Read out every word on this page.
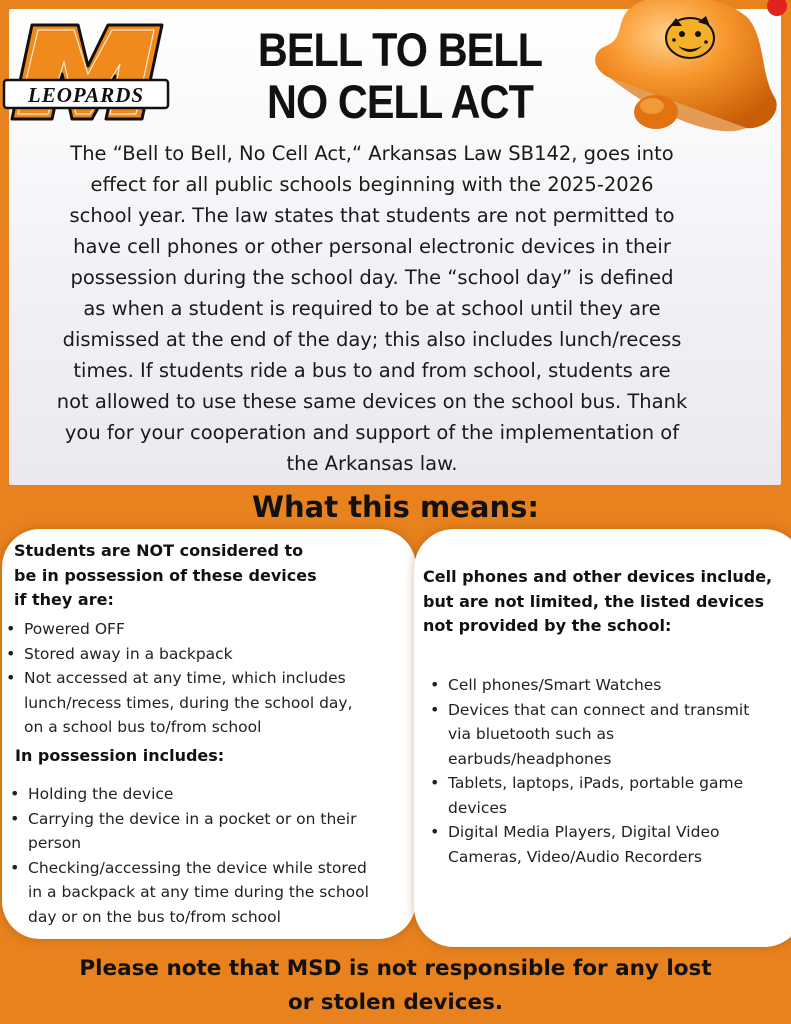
LEOPARDS
BELL TO BELL
NO CELL ACT
The “Bell to Bell, No Cell Act,“ Arkansas Law SB142, goes into
effect for all public schools beginning with the 2025-2026
school year. The law states that students are not permitted to
have cell phones or other personal electronic devices in their
possession during the school day. The “school day” is defined
as when a student is required to be at school until they are
dismissed at the end of the day; this also includes lunch/recess
times. If students ride a bus to and from school, students are
not allowed to use these same devices on the school bus. Thank
you for your cooperation and support of the implementation of
the Arkansas law.
What this means:
Students are NOT considered to
be in possession of these devices
if they are:
• Powered OFF
• Stored away in a backpack
• Not accessed at any time, which includes
lunch/recess times, during the school day,
on a school bus to/from school
In possession includes:
• Holding the device
• Carrying the device in a pocket or on their
person
• Checking/accessing the device while stored
in a backpack at any time during the school
day or on the bus to/from school
Cell phones and other devices include,
but are not limited, the listed devices
not provided by the school:
• Cell phones/Smart Watches
• Devices that can connect and transmit
via bluetooth such as
earbuds/headphones
• Tablets, laptops, iPads, portable game
devices
• Digital Media Players, Digital Video
Cameras, Video/Audio Recorders
Please note that MSD is not responsible for any lost
or stolen devices.
